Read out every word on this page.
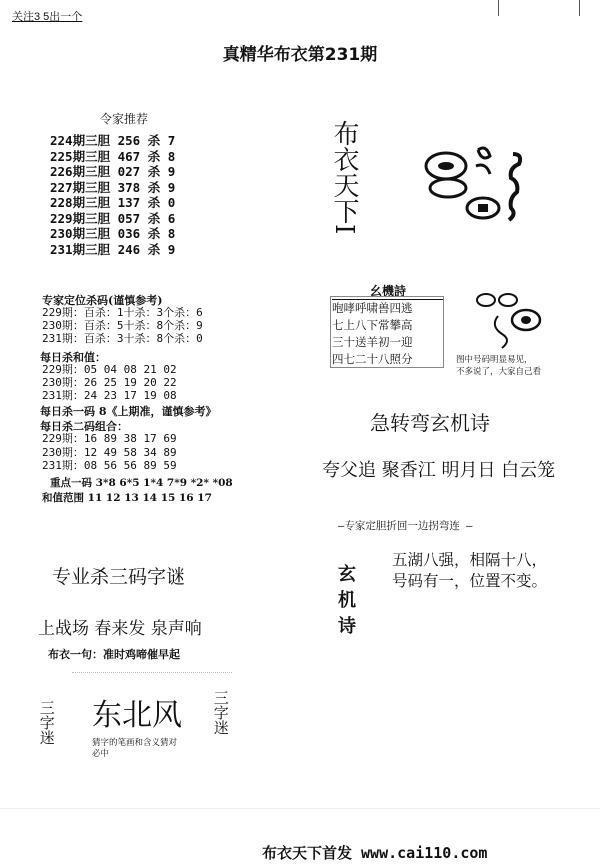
关注3 5出一个
真精华布衣第231期
令家推荐
224期三胆 256 杀 7
225期三胆 467 杀 8
226期三胆 027 杀 9
227期三胆 378 杀 9
228期三胆 137 杀 0
229期三胆 057 杀 6
230期三胆 036 杀 8
231期三胆 246 杀 9
专家定位杀码(谨慎参考)
229期：百杀：1十杀：3个杀：6
230期：百杀：5十杀：8个杀：9
231期：百杀：3十杀：8个杀：0
每日杀和值：
229期：05 04 08 21 02
230期：26 25 19 20 22
231期：24 23 17 19 08
每日杀一码 8《上期准，谨慎参考》
每日杀二码组合：
229期：16 89 38 17 69
230期：12 49 58 34 89
231期：08 56 56 89 59
重点一码 3*8 6*5 1*4 7*9 *2* *08
和值范围 11 12 13 14 15 16 17
专业杀三码字谜
上战场 春来发 泉声响
布衣一句：准时鸡啼催早起
三字迷 东北风 三字迷
猜字的笔画和含义猜对必中
布衣天下I
幺機詩
咆哮呼啸兽四逃
七上八下常攀高
三十送羊初一迎
四七二十八照分	图中号码明显易见，
不多说了，大家自己看
急转弯玄机诗
夸父追 聚香江 明月日 白云笼
—专家定胆折回一边拐弯连 —
玄机诗
五湖八强，相隔十八，
号码有一，位置不变。
布衣天下首发 www.cai110.com
